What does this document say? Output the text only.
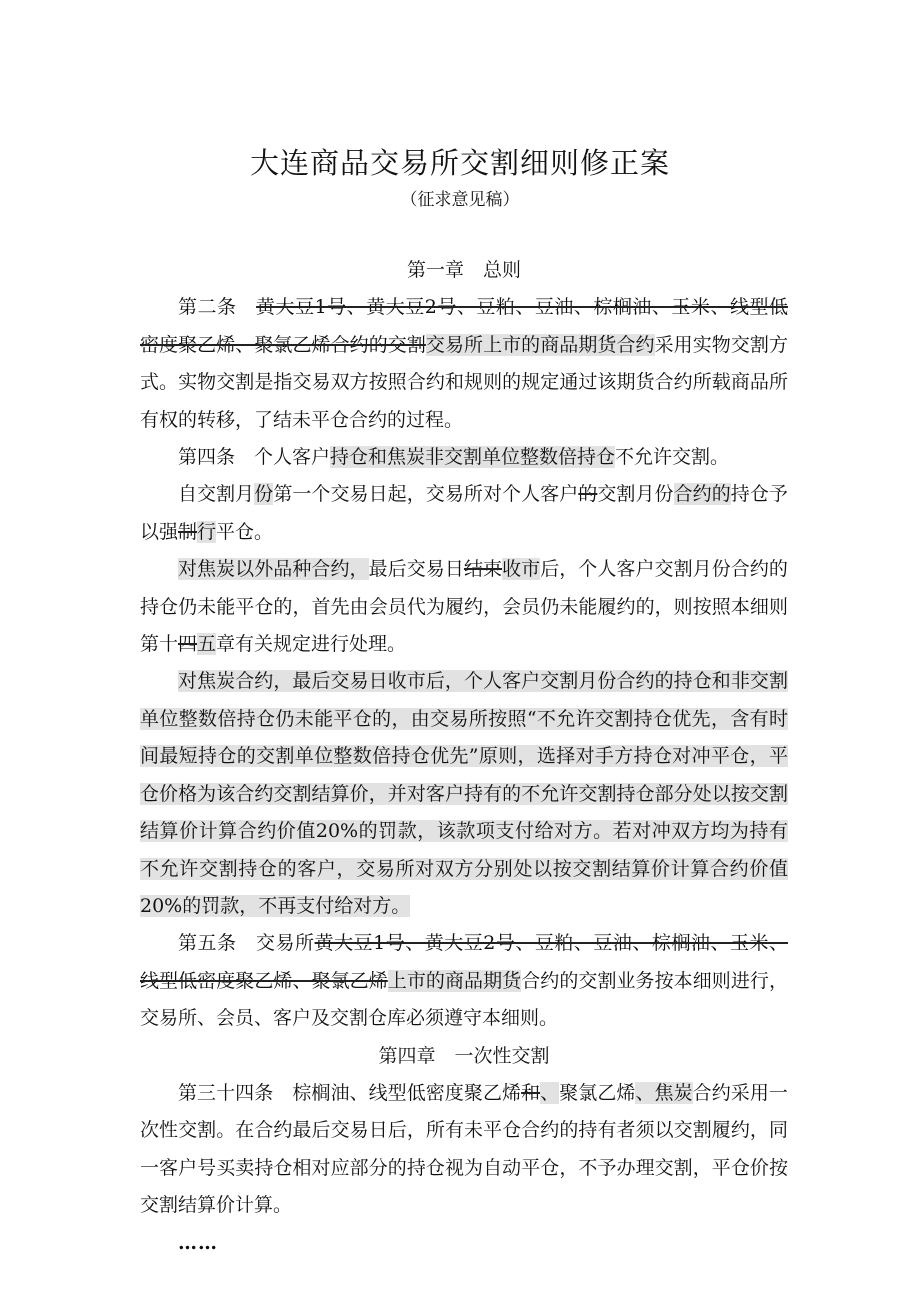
大连商品交易所交割细则修正案
（征求意见稿）

第一章　总则

第二条　黄大豆1号、黄大豆2号、豆粕、豆油、棕榈油、玉米、线型低密度聚乙烯、聚氯乙烯合约的交割交易所上市的商品期货合约采用实物交割方式。实物交割是指交易双方按照合约和规则的规定通过该期货合约所载商品所有权的转移，了结未平仓合约的过程。

第四条　个人客户持仓和焦炭非交割单位整数倍持仓不允许交割。

自交割月份第一个交易日起，交易所对个人客户的交割月份合约的持仓予以强制行平仓。

对焦炭以外品种合约，最后交易日结束收市后，个人客户交割月份合约的持仓仍未能平仓的，首先由会员代为履约，会员仍未能履约的，则按照本细则第十四五章有关规定进行处理。

对焦炭合约，最后交易日收市后，个人客户交割月份合约的持仓和非交割单位整数倍持仓仍未能平仓的，由交易所按照“不允许交割持仓优先，含有时间最短持仓的交割单位整数倍持仓优先”原则，选择对手方持仓对冲平仓，平仓价格为该合约交割结算价，并对客户持有的不允许交割持仓部分处以按交割结算价计算合约价值20%的罚款，该款项支付给对方。若对冲双方均为持有不允许交割持仓的客户，交易所对双方分别处以按交割结算价计算合约价值20%的罚款，不再支付给对方。

第五条　交易所黄大豆1号、黄大豆2号、豆粕、豆油、棕榈油、玉米、线型低密度聚乙烯、聚氯乙烯上市的商品期货合约的交割业务按本细则进行，交易所、会员、客户及交割仓库必须遵守本细则。

第四章　一次性交割

第三十四条　棕榈油、线型低密度聚乙烯和、聚氯乙烯、焦炭合约采用一次性交割。在合约最后交易日后，所有未平仓合约的持有者须以交割履约，同一客户号买卖持仓相对应部分的持仓视为自动平仓，不予办理交割，平仓价按交割结算价计算。

……
